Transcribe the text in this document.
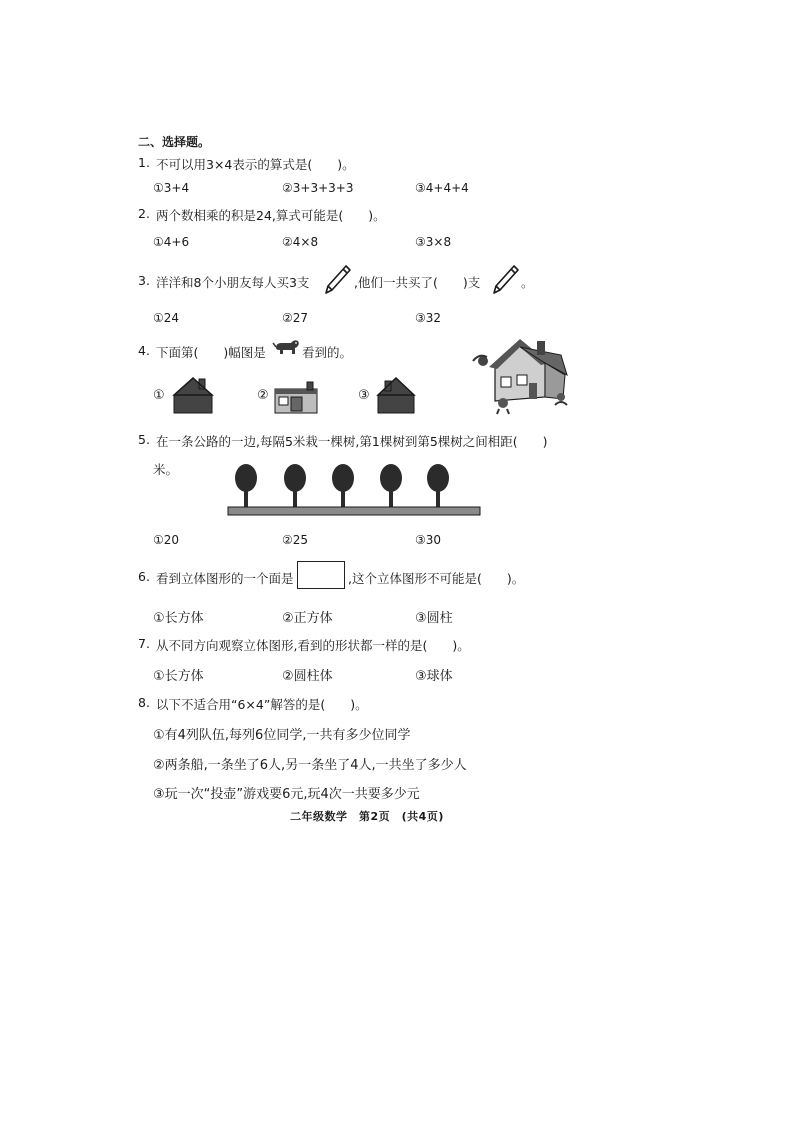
二、选择题。
1. 不可以用3×4表示的算式是(　　)。
①3+4	②3+3+3+3	③4+4+4
2. 两个数相乘的积是24,算式可能是(　　)。
①4+6	②4×8	③3×8
3. 洋洋和8个小朋友每人买3支	,他们一共买了(　　)支	。
①24	②27	③32
4. 下面第(　　)幅图是	看到的。
①	②	③
5. 在一条公路的一边,每隔5米栽一棵树,第1棵树到第5棵树之间相距(　　)
米。
①20	②25	③30
6. 看到立体图形的一个面是	,这个立体图形不可能是(　　)。
①长方体	②正方体	③圆柱
7. 从不同方向观察立体图形,看到的形状都一样的是(　　)。
①长方体	②圆柱体	③球体
8. 以下不适合用“6×4”解答的是(　　)。
①有4列队伍,每列6位同学,一共有多少位同学
②两条船,一条坐了6人,另一条坐了4人,一共坐了多少人
③玩一次“投壶”游戏要6元,玩4次一共要多少元
二年级数学　第2页　(共4页)
